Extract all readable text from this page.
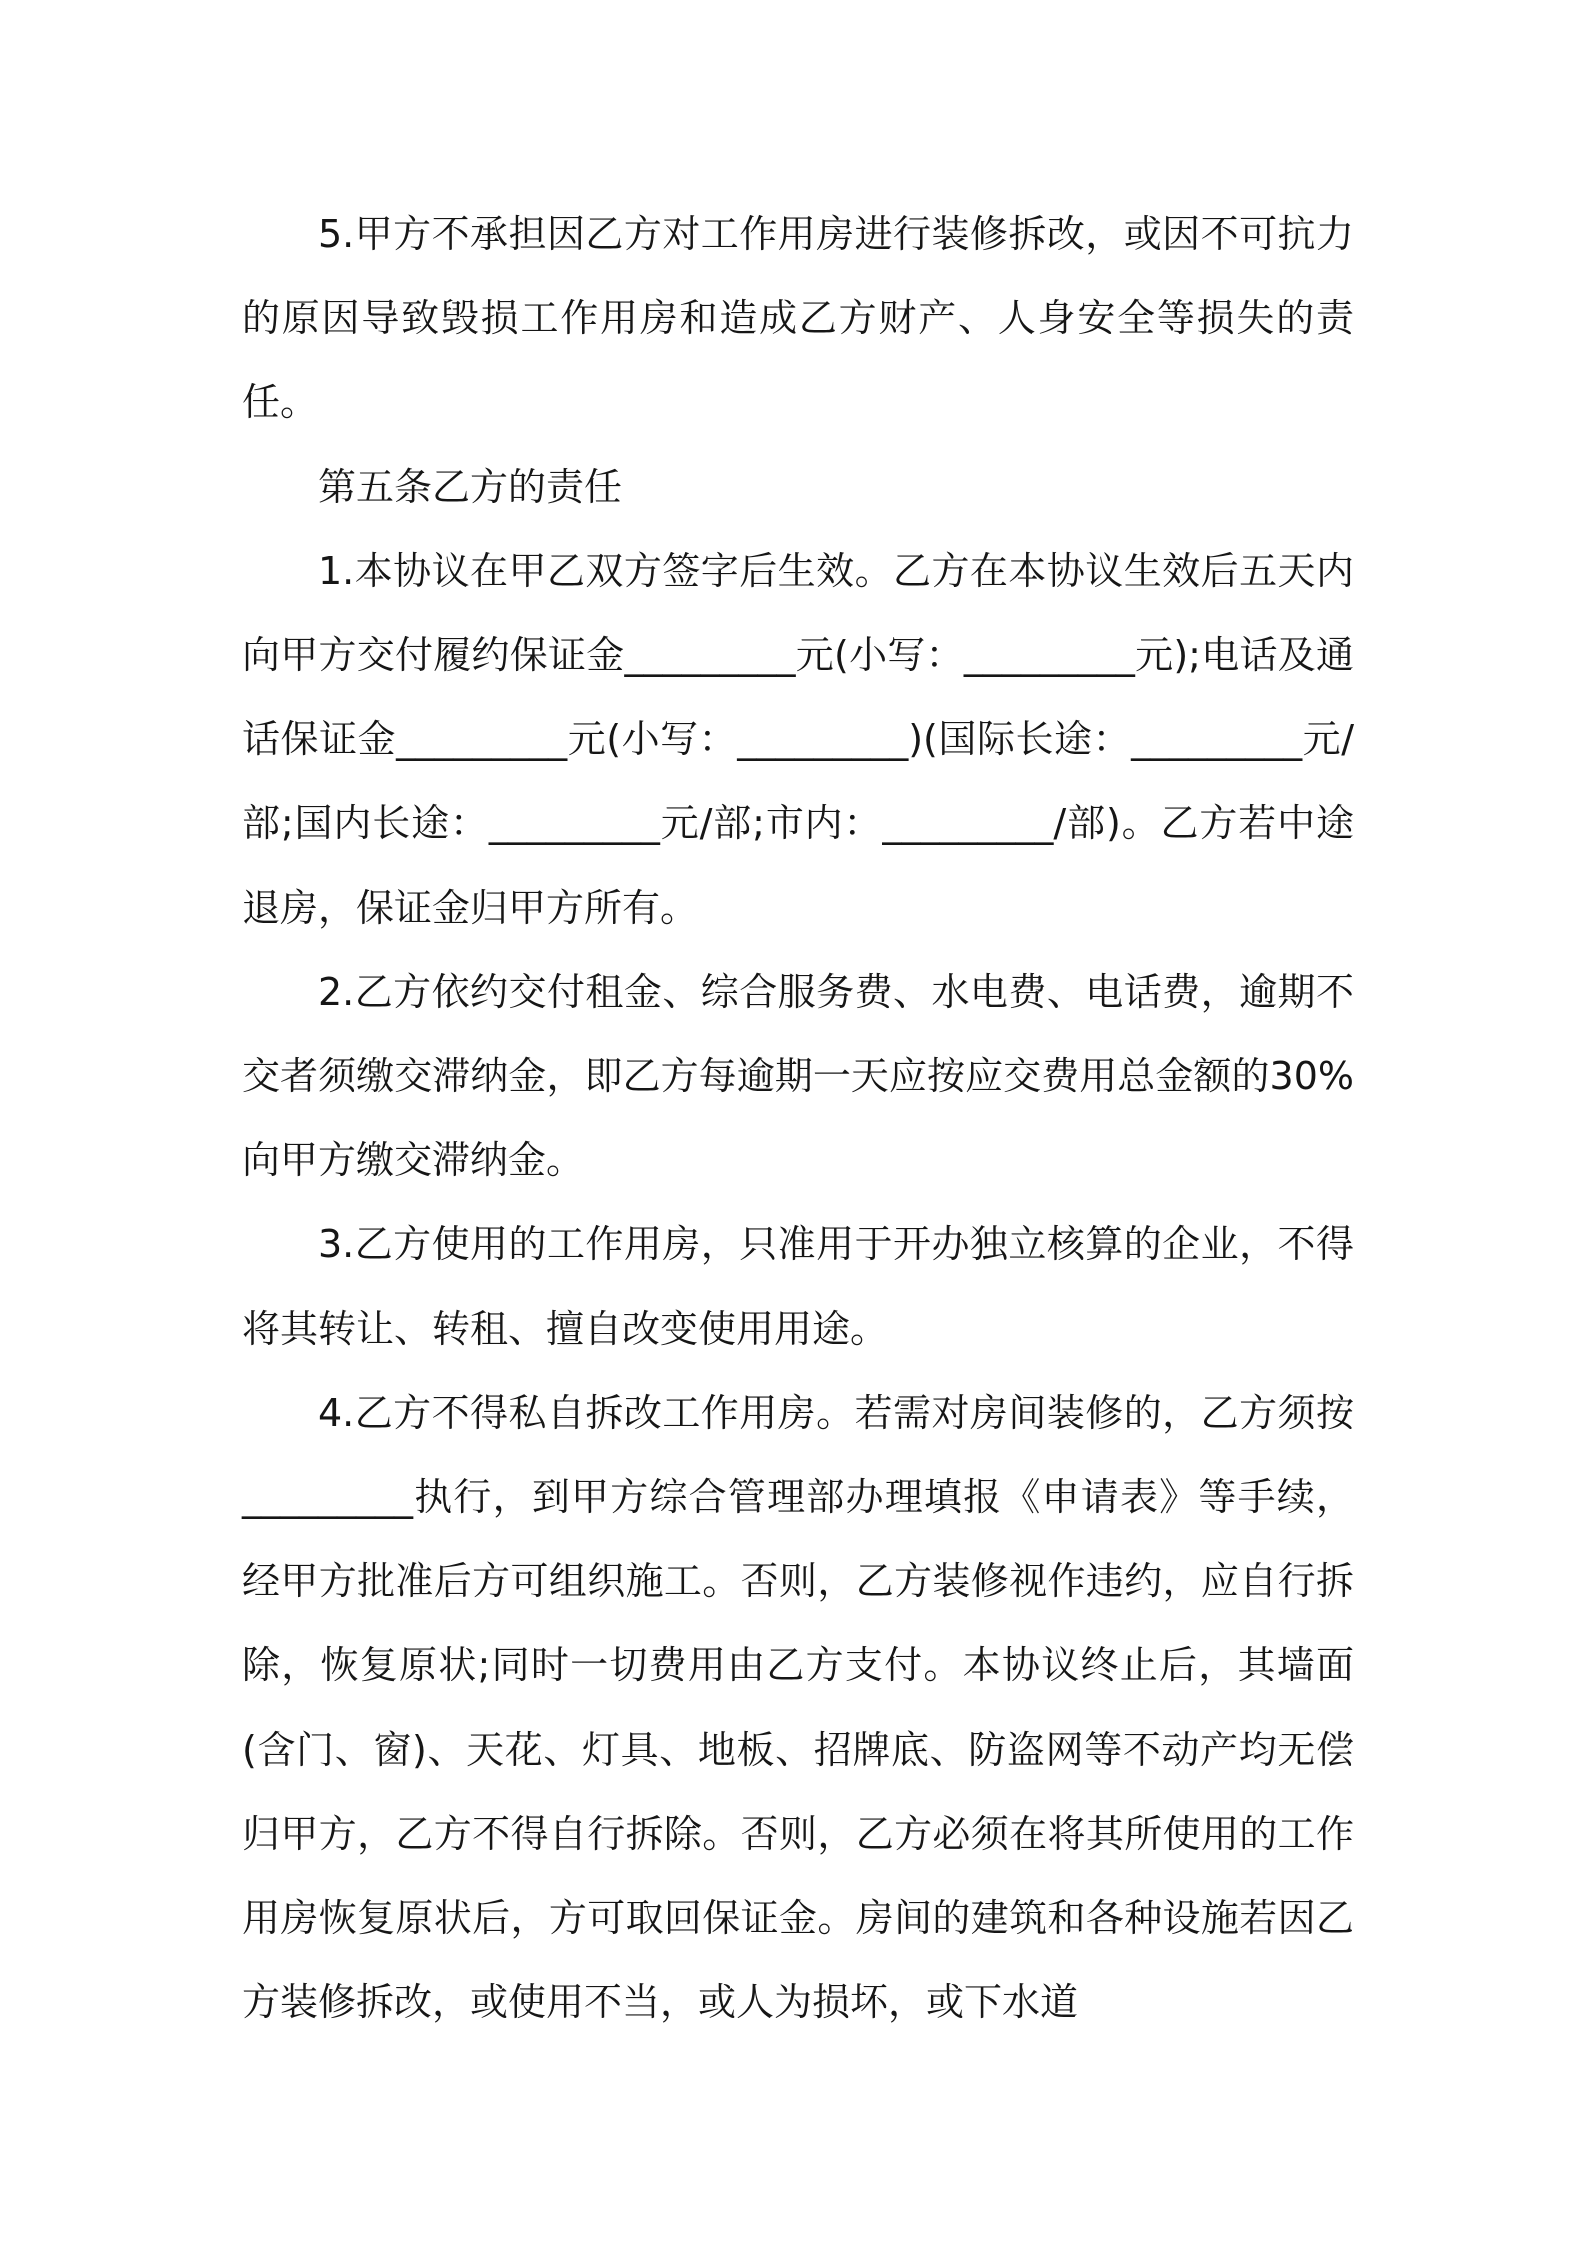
5.甲方不承担因乙方对工作用房进行装修拆改，或因不可抗力的原因导致毁损工作用房和造成乙方财产、人身安全等损失的责任。

第五条乙方的责任

1.本协议在甲乙双方签字后生效。乙方在本协议生效后五天内向甲方交付履约保证金_________元(小写：_________元);电话及通话保证金_________元(小写：_________)(国际长途：_________元/部;国内长途：_________元/部;市内：_________/部)。乙方若中途退房，保证金归甲方所有。

2.乙方依约交付租金、综合服务费、水电费、电话费，逾期不交者须缴交滞纳金，即乙方每逾期一天应按应交费用总金额的30%向甲方缴交滞纳金。

3.乙方使用的工作用房，只准用于开办独立核算的企业，不得将其转让、转租、擅自改变使用用途。

4.乙方不得私自拆改工作用房。若需对房间装修的，乙方须按_________执行，到甲方综合管理部办理填报《申请表》等手续，经甲方批准后方可组织施工。否则，乙方装修视作违约，应自行拆除，恢复原状;同时一切费用由乙方支付。本协议终止后，其墙面(含门、窗)、天花、灯具、地板、招牌底、防盗网等不动产均无偿归甲方，乙方不得自行拆除。否则，乙方必须在将其所使用的工作用房恢复原状后，方可取回保证金。房间的建筑和各种设施若因乙方装修拆改，或使用不当，或人为损坏，或下水道
